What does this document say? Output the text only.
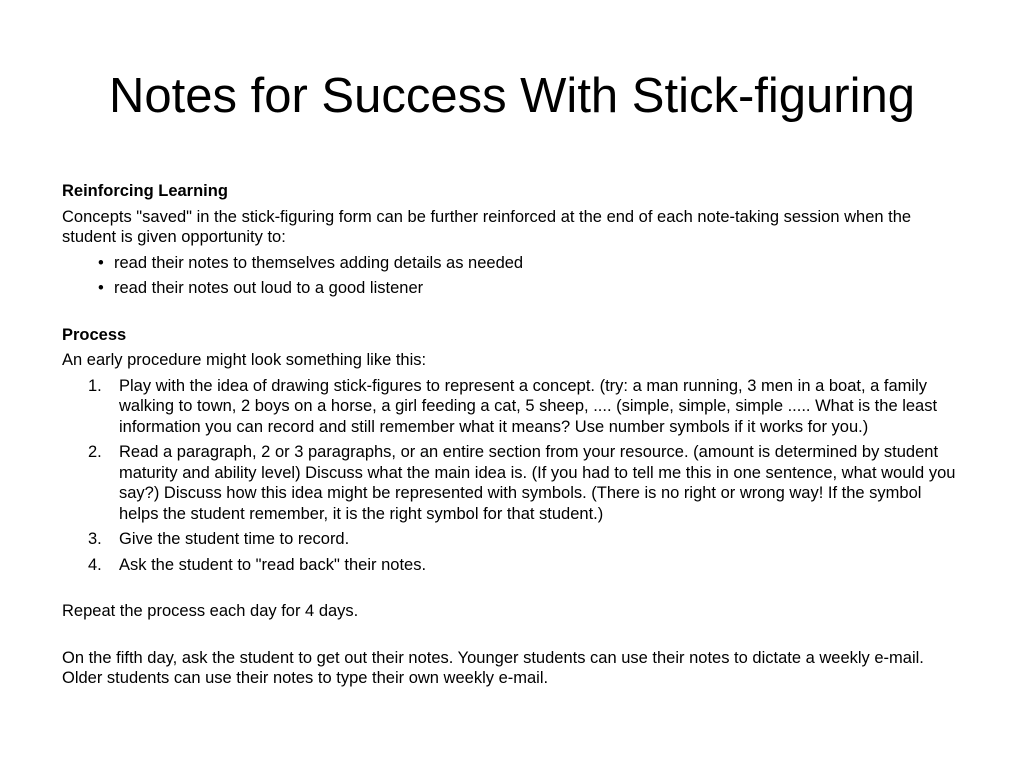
Notes for Success With Stick-figuring
Reinforcing Learning
Concepts "saved" in the stick-figuring form can be further reinforced at the end of each note-taking session when the student is given opportunity to:
• read their notes to themselves adding details as needed
• read their notes out loud to a good listener
Process
An early procedure might look something like this:
1. Play with the idea of drawing stick-figures to represent a concept. (try: a man running, 3 men in a boat, a family walking to town, 2 boys on a horse, a girl feeding a cat, 5 sheep, .... (simple, simple, simple ..... What is the least information you can record and still remember what it means? Use number symbols if it works for you.)
2. Read a paragraph, 2 or 3 paragraphs, or an entire section from your resource. (amount is determined by student maturity and ability level) Discuss what the main idea is. (If you had to tell me this in one sentence, what would you say?) Discuss how this idea might be represented with symbols. (There is no right or wrong way! If the symbol helps the student remember, it is the right symbol for that student.)
3. Give the student time to record.
4. Ask the student to "read back" their notes.
Repeat the process each day for 4 days.
On the fifth day, ask the student to get out their notes. Younger students can use their notes to dictate a weekly e-mail. Older students can use their notes to type their own weekly e-mail.
